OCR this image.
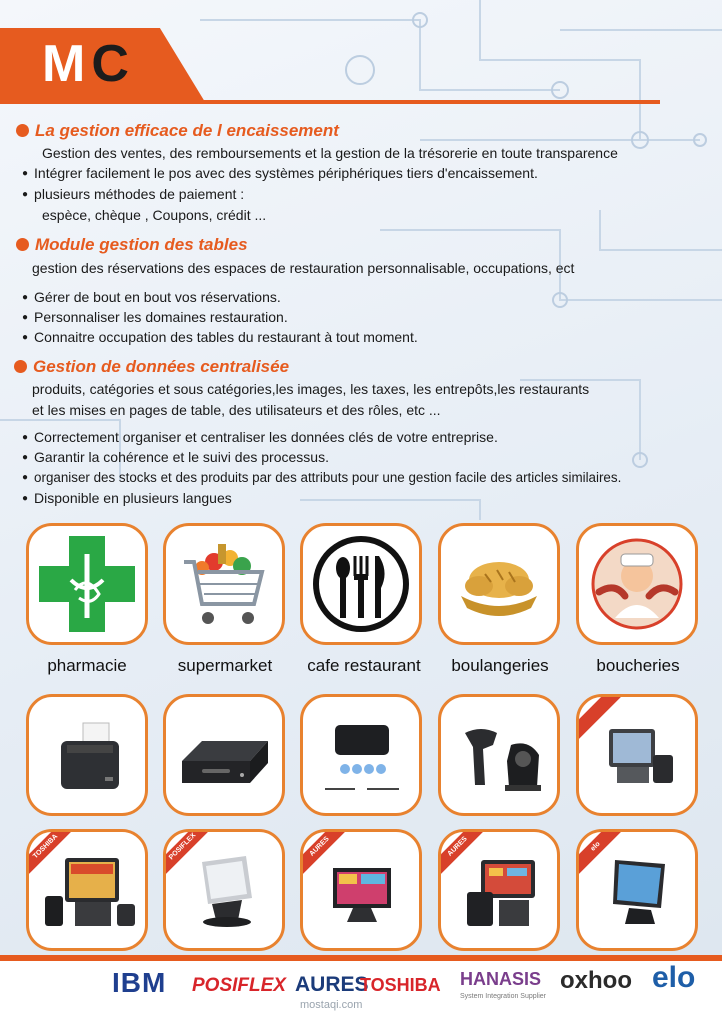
MC
La gestion efficace de l encaissement
Gestion des ventes, des remboursements et la gestion de la trésorerie en toute transparence
● Intégrer facilement le pos avec des systèmes périphériques tiers d'encaissement.
● plusieurs méthodes de paiement :
espèce, chèque , Coupons, crédit ...
Module gestion des tables
gestion des réservations des espaces de restauration personnalisable, occupations, ect
● Gérer de bout en bout vos réservations.
● Personnaliser les domaines restauration.
● Connaitre occupation des tables du restaurant à tout moment.
Gestion de données centralisée
produits, catégories et sous catégories,les images, les taxes, les entrepôts,les restaurants
et les mises en pages de table, des utilisateurs et des rôles, etc ...
● Correctement organiser et centraliser les données clés de votre entreprise.
● Garantir la cohérence et le suivi des processus.
● organiser des stocks et des produits par des attributs pour une gestion facile des articles similaires.
● Disponible en plusieurs langues
pharmacie	supermarket	cafe restaurant	boulangeries	boucheries
TOSHIBA	POSIFLEX	AURES	AURES	elo
IBM POSIFLEX AURES
TOSHIBA HANASIS
System Integration Supplier
oxhoo elo
mostaqi.com
